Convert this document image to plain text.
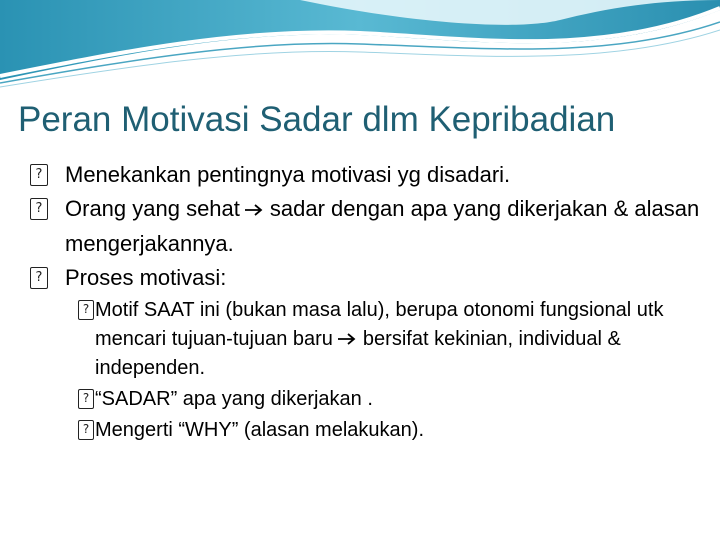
Peran Motivasi Sadar dlm Kepribadian
? Menekankan pentingnya motivasi yg disadari.
? Orang yang sehat sadar dengan apa yang dikerjakan & alasan mengerjakannya.
? Proses motivasi:
? Motif SAAT ini (bukan masa lalu), berupa otonomi fungsional utk mencari tujuan-tujuan baru bersifat kekinian, individual & independen.
? “SADAR” apa yang dikerjakan .
? Mengerti “WHY” (alasan melakukan).
